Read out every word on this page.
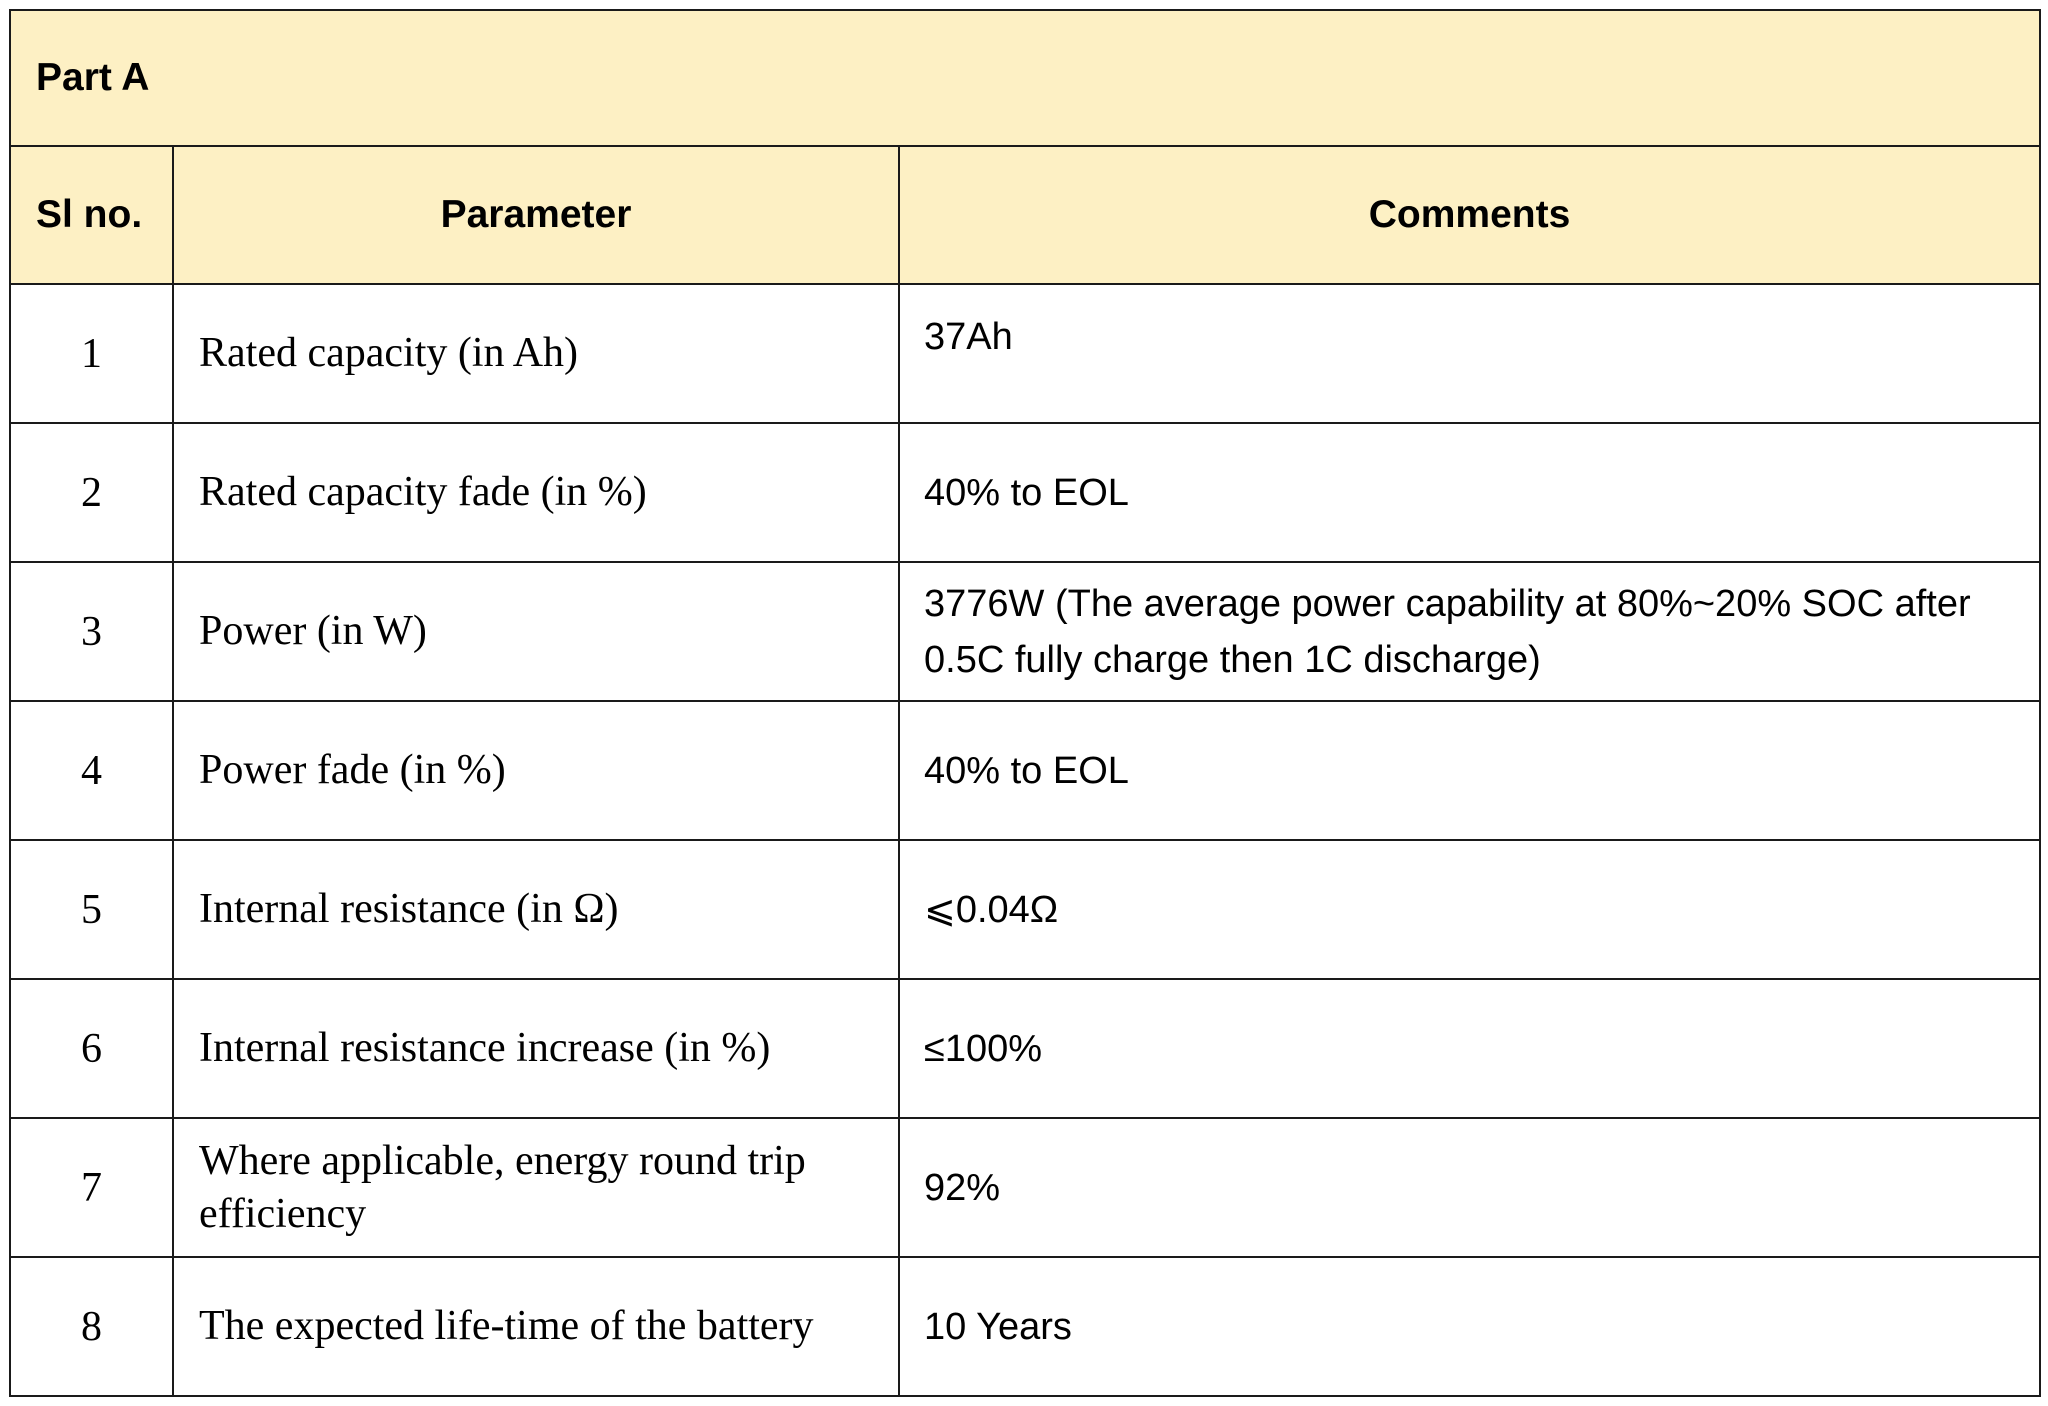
Part A		
Sl no.	Parameter	Comments
1	Rated capacity (in Ah)	37Ah
2	Rated capacity fade (in %)	40% to EOL
3	Power (in W)	3776W (The average power capability at 80%~20% SOC after 0.5C fully charge then 1C discharge)
4	Power fade (in %)	40% to EOL
5	Internal resistance (in Ω)	⩽0.04Ω
6	Internal resistance increase (in %)	≤100%
7	Where applicable, energy round trip efficiency	92%
8	The expected life-time of the battery	10 Years
